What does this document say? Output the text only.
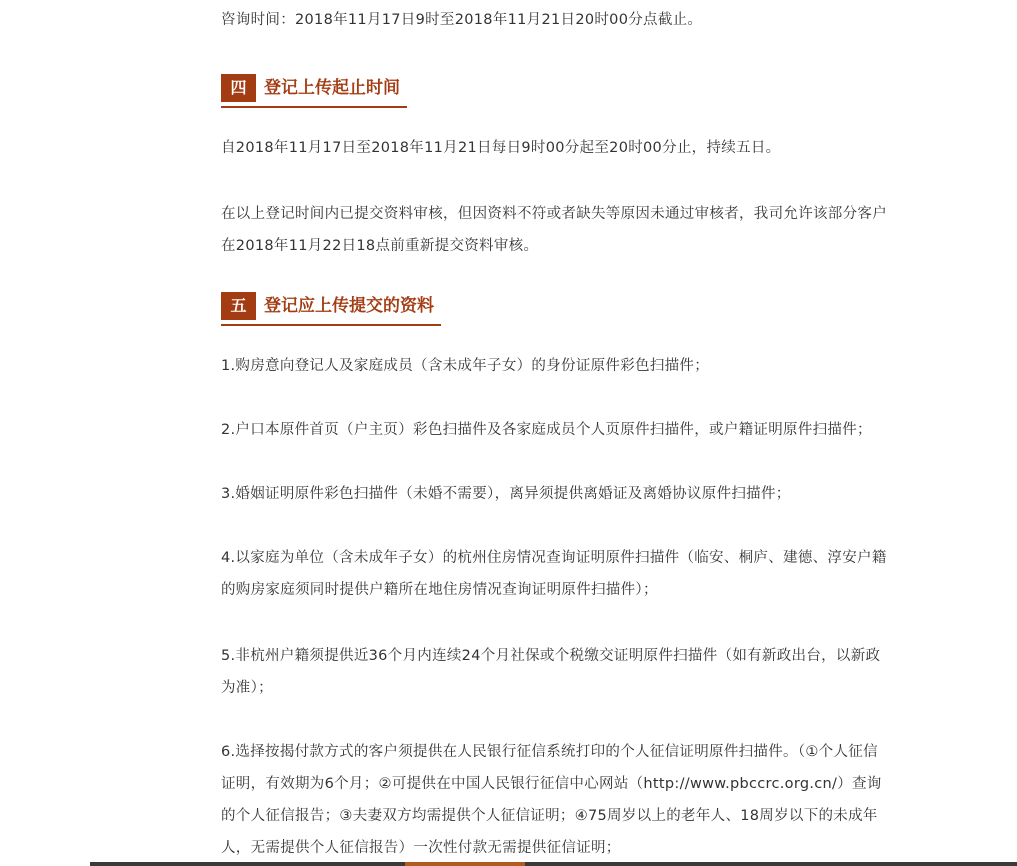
咨询时间：2018年11月17日9时至2018年11月21日20时00分点截止。

四	登记上传起止时间

自2018年11月17日至2018年11月21日每日9时00分起至20时00分止，持续五日。

在以上登记时间内已提交资料审核，但因资料不符或者缺失等原因未通过审核者，我司允许该部分客户在2018年11月22日18点前重新提交资料审核。

五	登记应上传提交的资料

1.购房意向登记人及家庭成员（含未成年子女）的身份证原件彩色扫描件；

2.户口本原件首页（户主页）彩色扫描件及各家庭成员个人页原件扫描件，或户籍证明原件扫描件；

3.婚姻证明原件彩色扫描件（未婚不需要），离异须提供离婚证及离婚协议原件扫描件；

4.以家庭为单位（含未成年子女）的杭州住房情况查询证明原件扫描件（临安、桐庐、建德、淳安户籍的购房家庭须同时提供户籍所在地住房情况查询证明原件扫描件）；

5.非杭州户籍须提供近36个月内连续24个月社保或个税缴交证明原件扫描件（如有新政出台，以新政为准）；

6.选择按揭付款方式的客户须提供在人民银行征信系统打印的个人征信证明原件扫描件。（①个人征信证明，有效期为6个月；②可提供在中国人民银行征信中心网站（http://www.pbccrc.org.cn/）查询的个人征信报告；③夫妻双方均需提供个人征信证明；④75周岁以上的老年人、18周岁以下的未成年人，无需提供个人征信报告）一次性付款无需提供征信证明；
